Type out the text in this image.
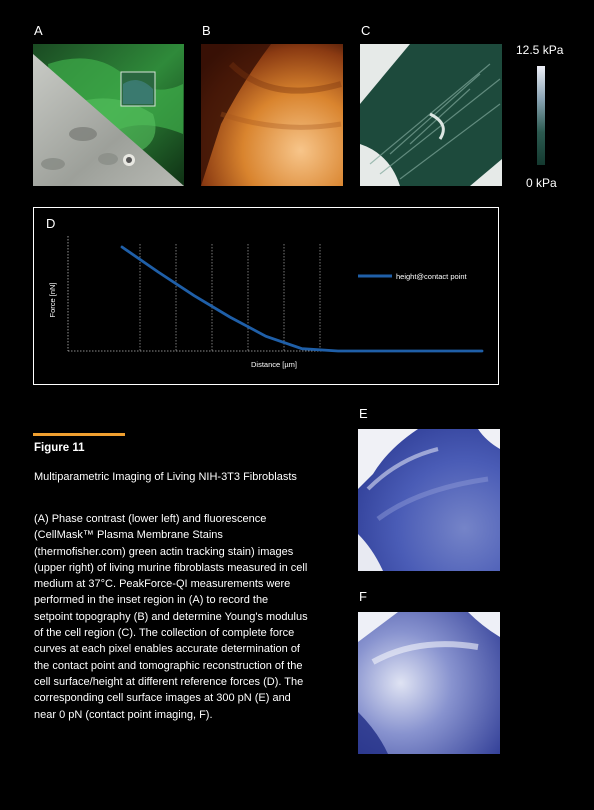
A	B	C
12.5 kPa
0 kPa
D
height@contact point
Distance [µm]
Force [nN]
Figure 11
Multiparametric Imaging of Living NIH-3T3 Fibroblasts
(A) Phase contrast (lower left) and fluorescence (CellMask™ Plasma Membrane Stains (thermofisher.com) green actin tracking stain) images (upper right) of living murine fibroblasts measured in cell medium at 37°C. PeakForce-QI measurements were performed in the inset region in (A) to record the setpoint topography (B) and determine Young's modulus of the cell region (C). The collection of complete force curves at each pixel enables accurate determination of the contact point and tomographic reconstruction of the cell surface/height at different reference forces (D). The corresponding cell surface images at 300 pN (E) and near 0 pN (contact point imaging, F).
E
F
